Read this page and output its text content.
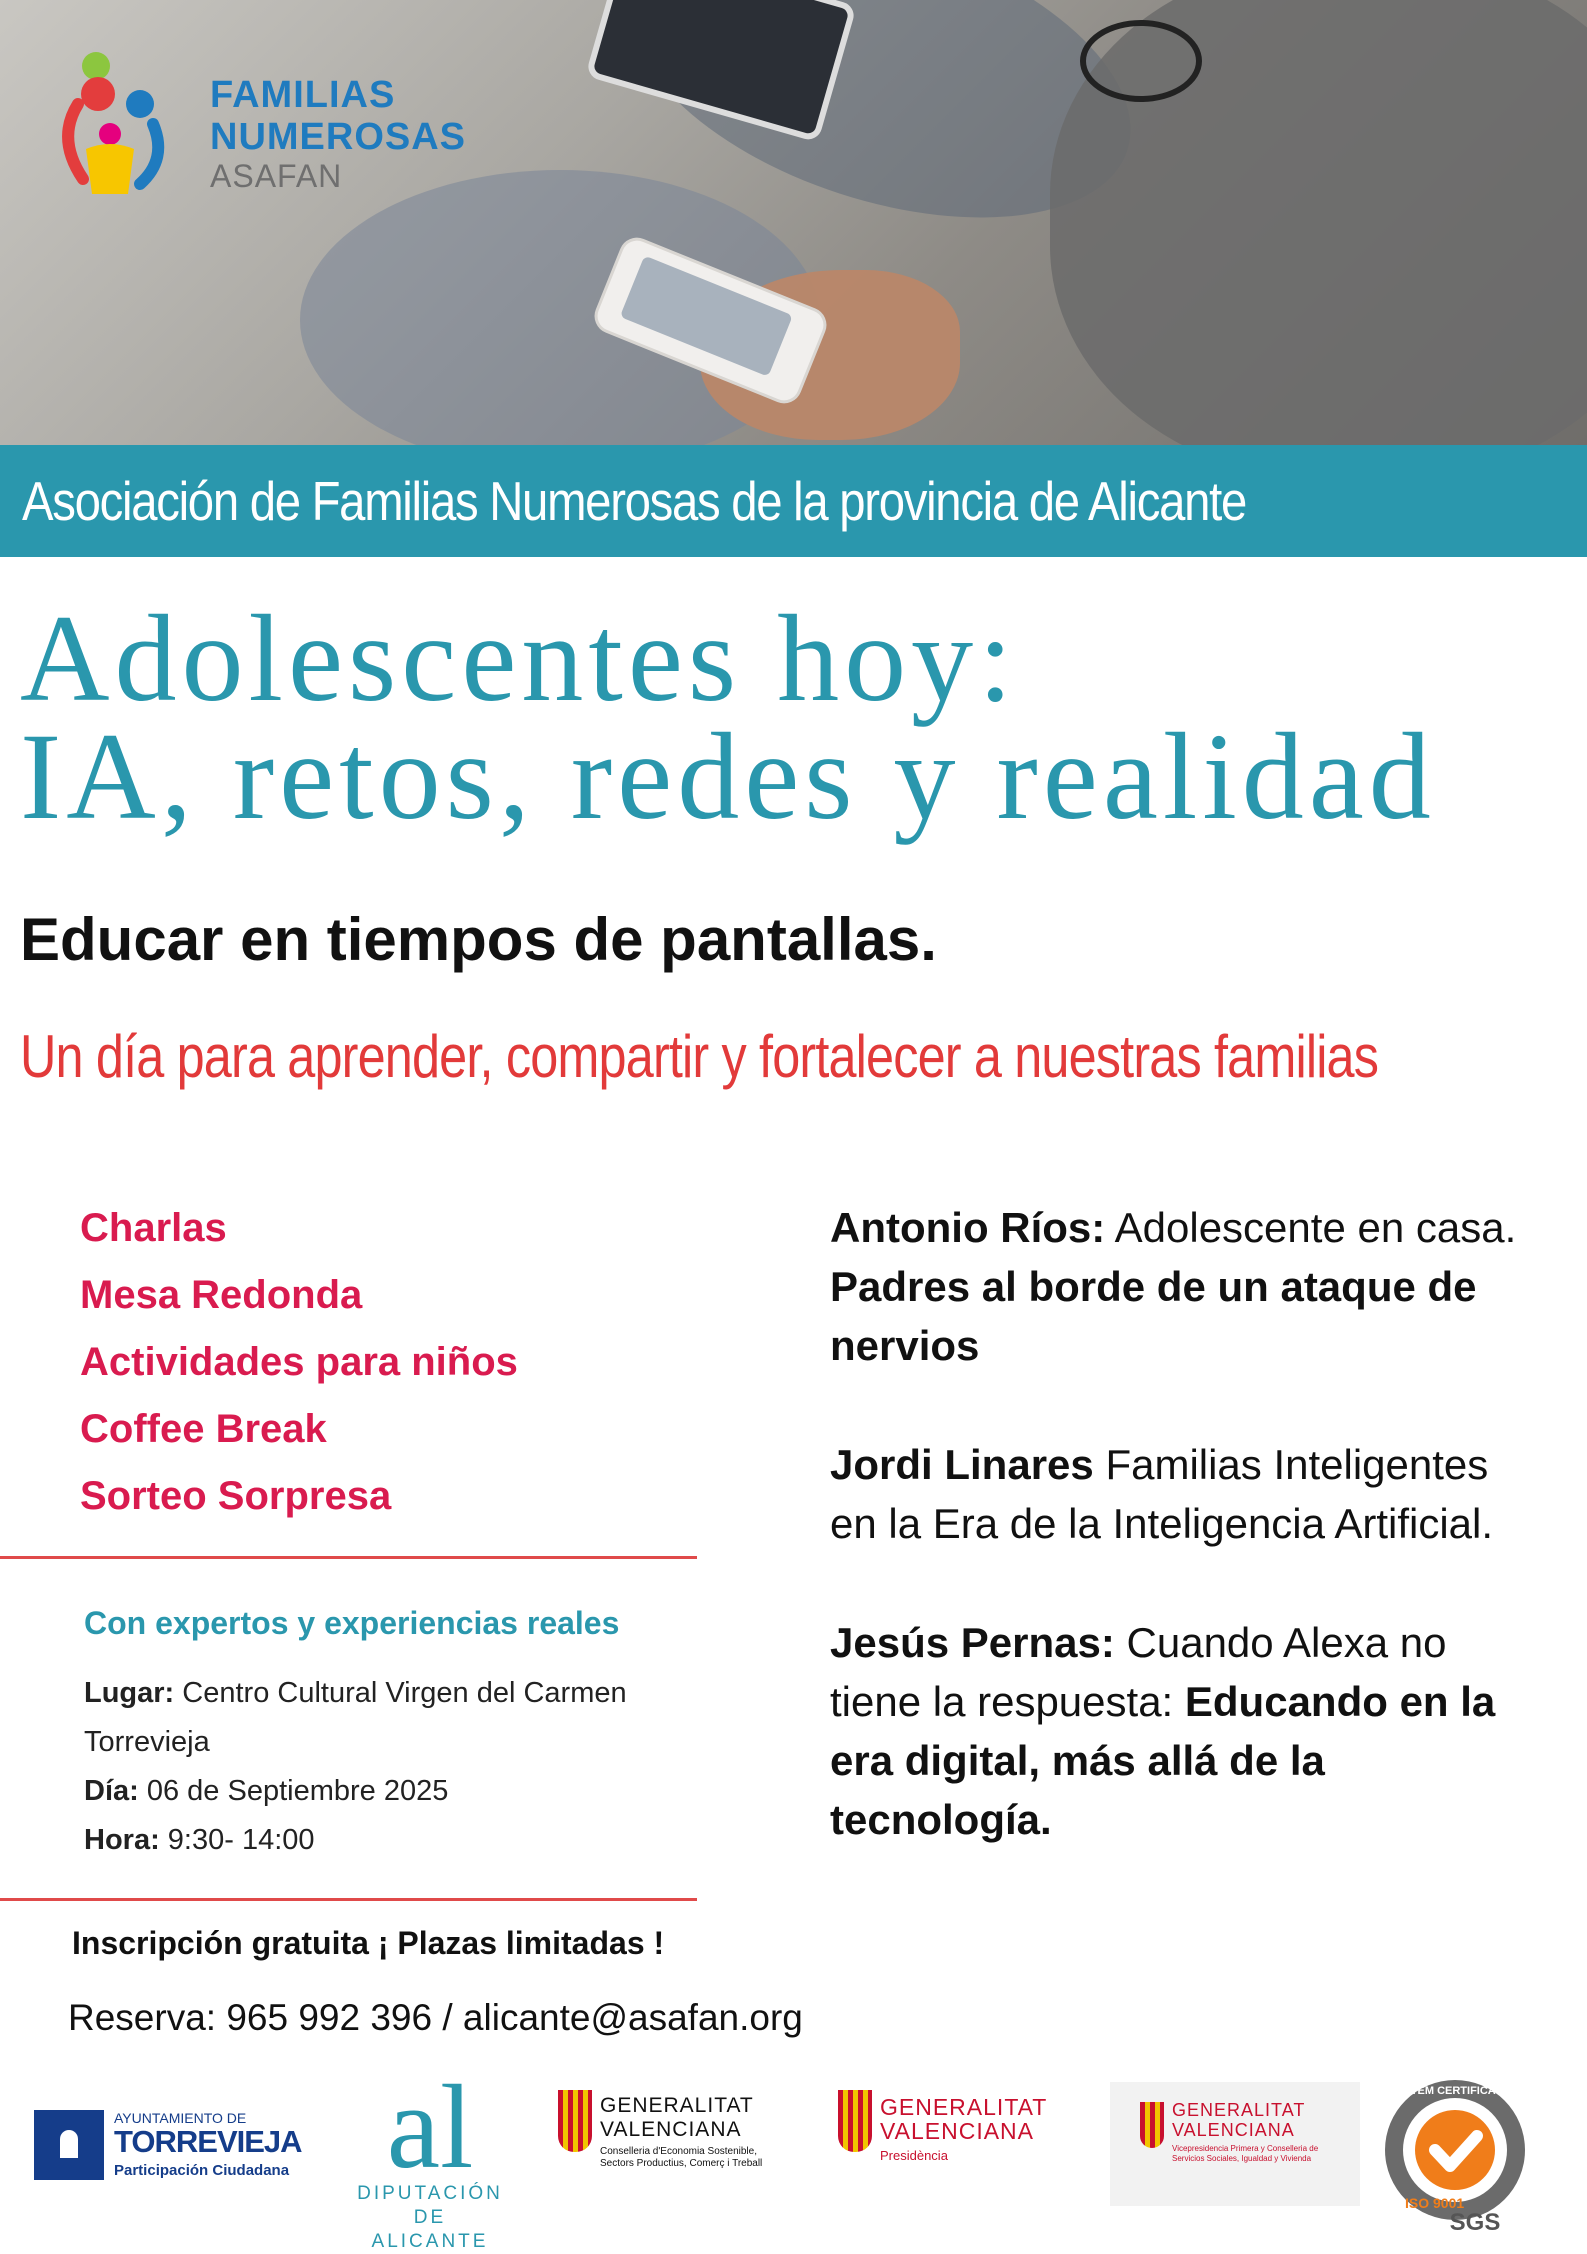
FAMILIAS
NUMEROSAS
ASAFAN
Asociación de Familias Numerosas de la provincia de Alicante
Adolescentes hoy:
IA, retos, redes y realidad
Educar en tiempos de pantallas.
Un día para aprender, compartir y fortalecer a nuestras familias
Charlas
Mesa Redonda
Actividades para niños
Coffee Break
Sorteo Sorpresa
Con expertos y experiencias reales
Lugar: Centro Cultural Virgen del Carmen
Torrevieja
Día: 06 de Septiembre 2025
Hora: 9:30- 14:00

Antonio Ríos: Adolescente en casa. Padres al borde de un ataque de nervios

Jordi Linares Familias Inteligentes en la Era de la Inteligencia Artificial.

Jesús Pernas: Cuando Alexa no tiene la respuesta: Educando en la era digital, más allá de la tecnología.

Inscripción gratuita ¡ Plazas limitadas !
Reserva: 965 992 396 / alicante@asafan.org
AYUNTAMIENTO DE
TORREVIEJA
Participación Ciudadana al
DIPUTACIÓN
DE ALICANTE
GENERALITAT
VALENCIANA
Conselleria d'Economia Sostenible, Sectors Productius, Comerç i Treball
GENERALITAT
VALENCIANA
Presidència
GENERALITAT
VALENCIANA
Vicepresidencia Primera y Conselleria de Servicios Sociales, Igualdad y Vivienda
SYSTEM CERTIFICATION
ISO 9001
SGS
